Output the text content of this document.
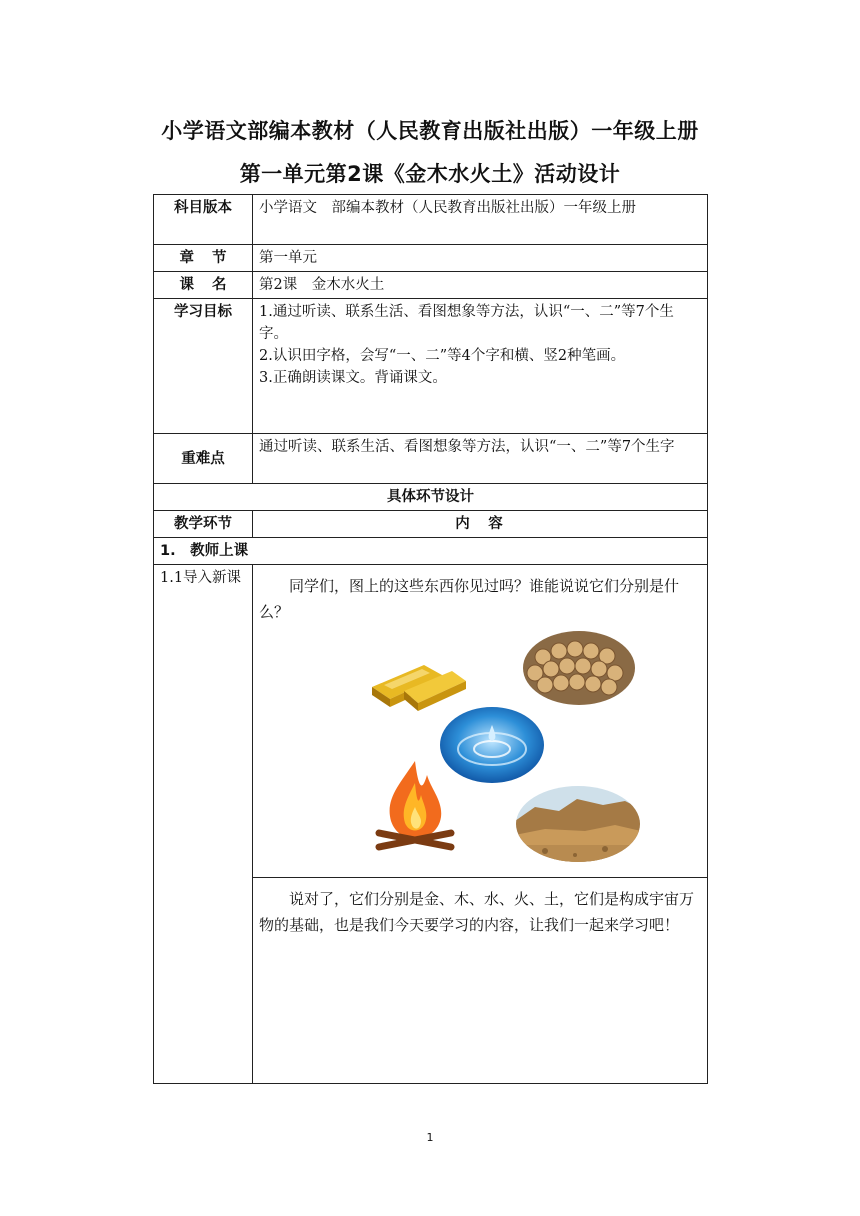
小学语文部编本教材（人民教育出版社出版）一年级上册
第一单元第2课《金木水火土》活动设计
科目版本	小学语文　部编本教材（人民教育出版社出版）一年级上册
章节	第一单元
课名	第2课　金木水火土
学习目标	1.通过听读、联系生活、看图想象等方法，认识“一、二”等7个生字。

2.认识田字格，会写“一、二”等4个字和横、竖2种笔画。

3.正确朗读课文。背诵课文。

重难点	通过听读、联系生活、看图想象等方法，认识“一、二”等7个生字
具体环节设计	
教学环节	内　容
1.　教师上课	
1.1导入新课	同学们，图上的这些东西你见过吗？谁能说说它们分别是什么？

	说对了，它们分别是金、木、水、火、土，它们是构成宇宙万物的基础，也是我们今天要学习的内容，让我们一起来学习吧！

1
